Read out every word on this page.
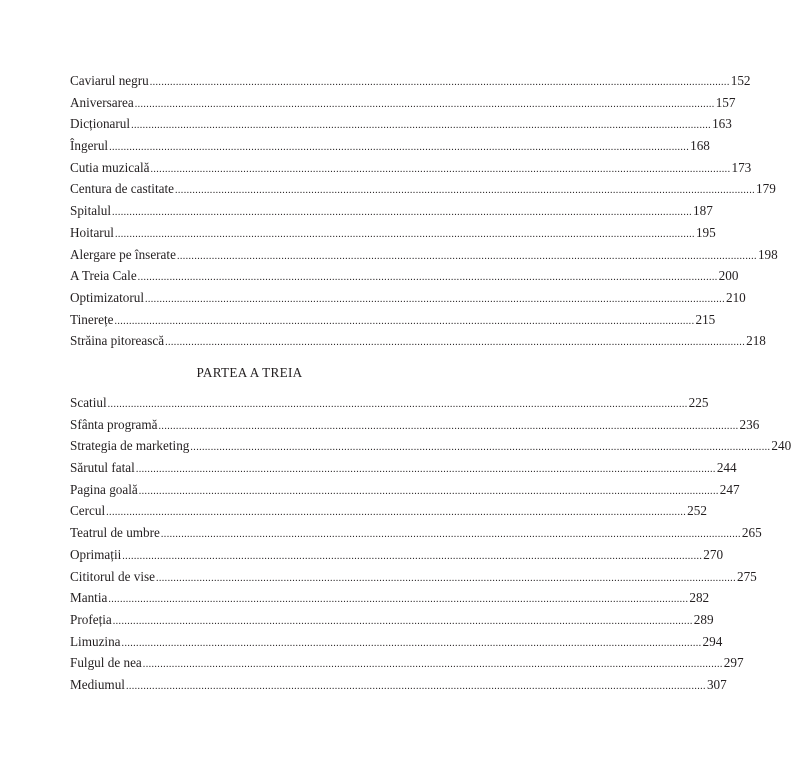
Caviarul negru ........................................................................................................................................................................................................ 152
Aniversarea ........................................................................................................................................................................................................ 157
Dicționarul ........................................................................................................................................................................................................ 163
Îngerul ........................................................................................................................................................................................................ 168
Cutia muzicală ........................................................................................................................................................................................................ 173
Centura de castitate ........................................................................................................................................................................................................ 179
Spitalul ........................................................................................................................................................................................................ 187
Hoitarul ........................................................................................................................................................................................................ 195
Alergare pe înserate ........................................................................................................................................................................................................ 198
A Treia Cale ........................................................................................................................................................................................................ 200
Optimizatorul ........................................................................................................................................................................................................ 210
Tinerețe ........................................................................................................................................................................................................ 215
Străina pitorească ........................................................................................................................................................................................................ 218
PARTEA A TREIA
Scatiul ........................................................................................................................................................................................................ 225
Sfânta programă ........................................................................................................................................................................................................ 236
Strategia de marketing ........................................................................................................................................................................................................ 240
Sărutul fatal ........................................................................................................................................................................................................ 244
Pagina goală ........................................................................................................................................................................................................ 247
Cercul ........................................................................................................................................................................................................ 252
Teatrul de umbre ........................................................................................................................................................................................................ 265
Oprimații ........................................................................................................................................................................................................ 270
Cititorul de vise ........................................................................................................................................................................................................ 275
Mantia ........................................................................................................................................................................................................ 282
Profeția ........................................................................................................................................................................................................ 289
Limuzina ........................................................................................................................................................................................................ 294
Fulgul de nea ........................................................................................................................................................................................................ 297
Mediumul ........................................................................................................................................................................................................ 307
